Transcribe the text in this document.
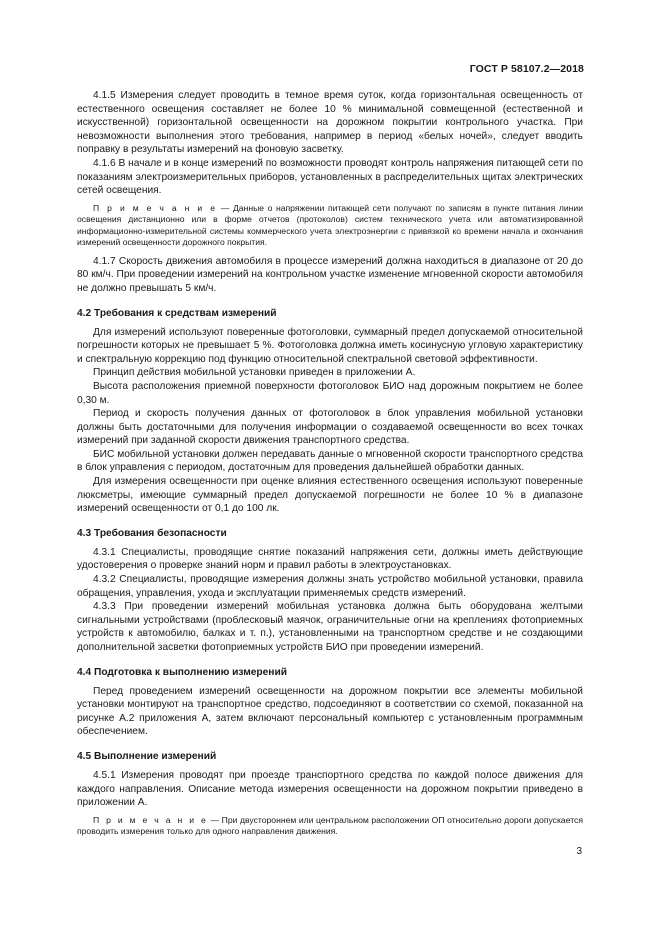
ГОСТ Р 58107.2—2018

4.1.5 Измерения следует проводить в темное время суток, когда горизонтальная освещенность от естественного освещения составляет не более 10 % минимальной совмещенной (естественной и искусственной) горизонтальной освещенности на дорожном покрытии контрольного участка. При невозможности выполнения этого требования, например в период «белых ночей», следует вводить поправку в результаты измерений на фоновую засветку.

4.1.6 В начале и в конце измерений по возможности проводят контроль напряжения питающей сети по показаниям электроизмерительных приборов, установленных в распределительных щитах электрических сетей освещения.

П р и м е ч а н и е — Данные о напряжении питающей сети получают по записям в пункте питания линии освещения дистанционно или в форме отчетов (протоколов) систем технического учета или автоматизированной информационно-измерительной системы коммерческого учета электроэнергии с привязкой ко времени начала и окончания измерений освещенности дорожного покрытия.

4.1.7 Скорость движения автомобиля в процессе измерений должна находиться в диапазоне от 20 до 80 км/ч. При проведении измерений на контрольном участке изменение мгновенной скорости автомобиля не должно превышать 5 км/ч.

4.2 Требования к средствам измерений

Для измерений используют поверенные фотоголовки, суммарный предел допускаемой относительной погрешности которых не превышает 5 %. Фотоголовка должна иметь косинусную угловую характеристику и спектральную коррекцию под функцию относительной спектральной световой эффективности.

Принцип действия мобильной установки приведен в приложении А.

Высота расположения приемной поверхности фотоголовок БИО над дорожным покрытием не более 0,30 м.

Период и скорость получения данных от фотоголовок в блок управления мобильной установки должны быть достаточными для получения информации о создаваемой освещенности во всех точках измерений при заданной скорости движения транспортного средства.

БИС мобильной установки должен передавать данные о мгновенной скорости транспортного средства в блок управления с периодом, достаточным для проведения дальнейшей обработки данных.

Для измерения освещенности при оценке влияния естественного освещения используют поверенные люксметры, имеющие суммарный предел допускаемой погрешности не более 10 % в диапазоне измерений освещенности от 0,1 до 100 лк.

4.3 Требования безопасности

4.3.1 Специалисты, проводящие снятие показаний напряжения сети, должны иметь действующие удостоверения о проверке знаний норм и правил работы в электроустановках.

4.3.2 Специалисты, проводящие измерения должны знать устройство мобильной установки, правила обращения, управления, ухода и эксплуатации применяемых средств измерений.

4.3.3 При проведении измерений мобильная установка должна быть оборудована желтыми сигнальными устройствами (проблесковый маячок, ограничительные огни на креплениях фотоприемных устройств к автомобилю, балках и т. п.), установленными на транспортном средстве и не создающими дополнительной засветки фотоприемных устройств БИО при проведении измерений.

4.4 Подготовка к выполнению измерений

Перед проведением измерений освещенности на дорожном покрытии все элементы мобильной установки монтируют на транспортное средство, подсоединяют в соответствии со схемой, показанной на рисунке А.2 приложения А, затем включают персональный компьютер с установленным программным обеспечением.

4.5 Выполнение измерений

4.5.1 Измерения проводят при проезде транспортного средства по каждой полосе движения для каждого направления. Описание метода измерения освещенности на дорожном покрытии приведено в приложении А.

П р и м е ч а н и е — При двустороннем или центральном расположении ОП относительно дороги допускается проводить измерения только для одного направления движения.
3
